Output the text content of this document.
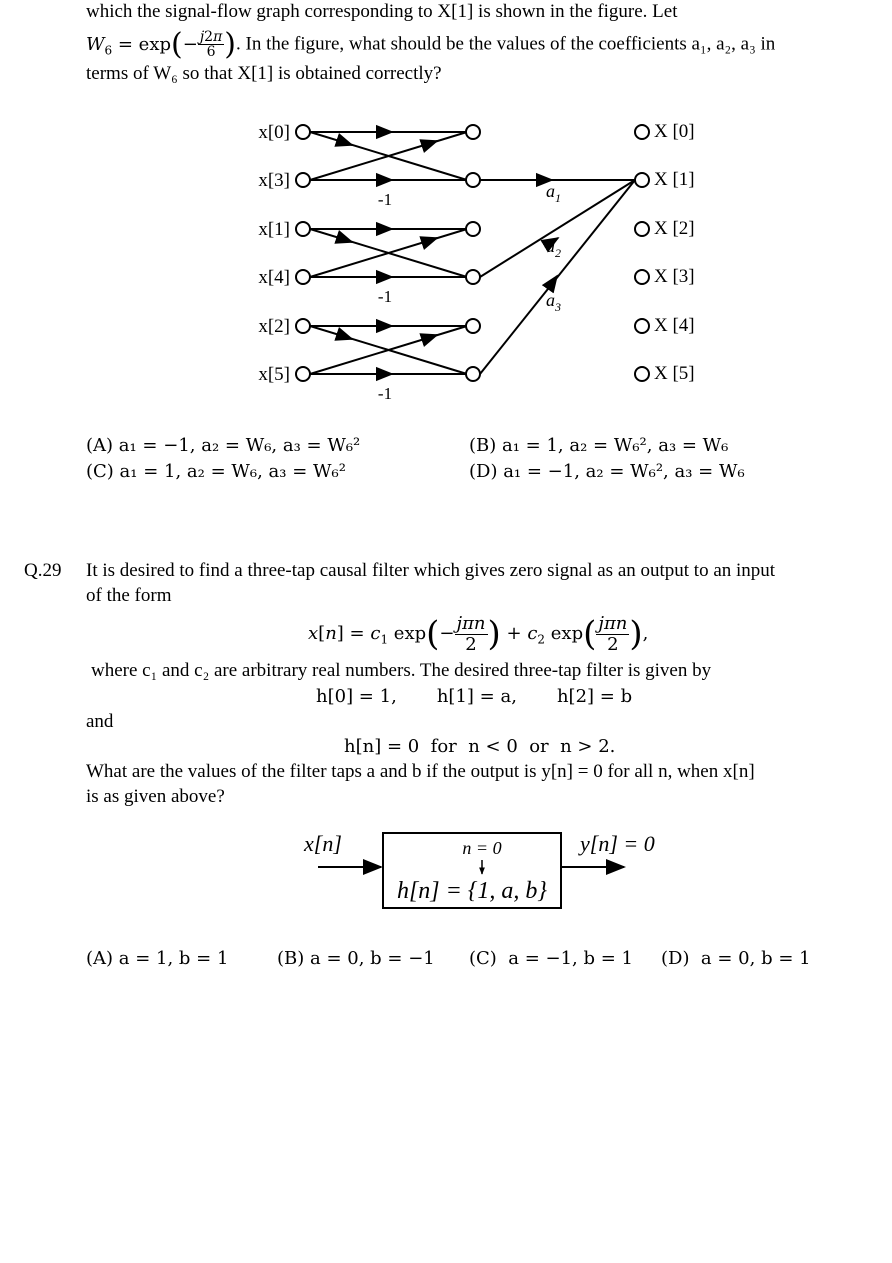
which the signal-flow graph corresponding to X[1] is shown in the figure. Let
$W_6 = \exp(- \frac{j2\pi}{6}$ ). In the figure, what should be the values of the coefficients a₁, a₂, a₃ in
terms of W₆ so that X[1] is obtained correctly?
x[0]
x[3]
x[1]
x[4]
x[2]
x[5]
X [0]
X [1]
X [2]
X [3]
X [4]
X [5]
-1
-1
-1
$a_1$
$a_2$
$a_3$
(A) a₁ = −1, a₂ = W₆, a₃ = W₆²	(B) a₁ = 1, a₂ = W₆², a₃ = W₆
(C) a₁ = 1, a₂ = W₆, a₃ = W₆²	(D) a₁ = −1, a₂ = W₆², a₃ = W₆
Q.29 It is desired to find a three-tap causal filter which gives zero signal as an output to an input
of the form
$x[n] = c_1$ $\exp(- \frac{\text{jπn}}{2}$ ) + $c_2$ $\exp( \frac{\text{jπn}}{2}$ ),
where c₁ and c₂ are arbitrary real numbers. The desired three-tap filter is given by
h[0] = 1,       h[1] = a,       h[2] = b
and
h[n] = 0  for  n < 0  or  n > 2.
What are the values of the filter taps a and b if the output is y[n] = 0 for all n, when x[n]
is as given above?
x[n]	y[n] = 0
n = 0
h[n] = {1, a, b}
(A) a = 1, b = 1	(B) a = 0, b = −1 (C)  a = −1, b = 1 (D)  a = 0, b = 1
